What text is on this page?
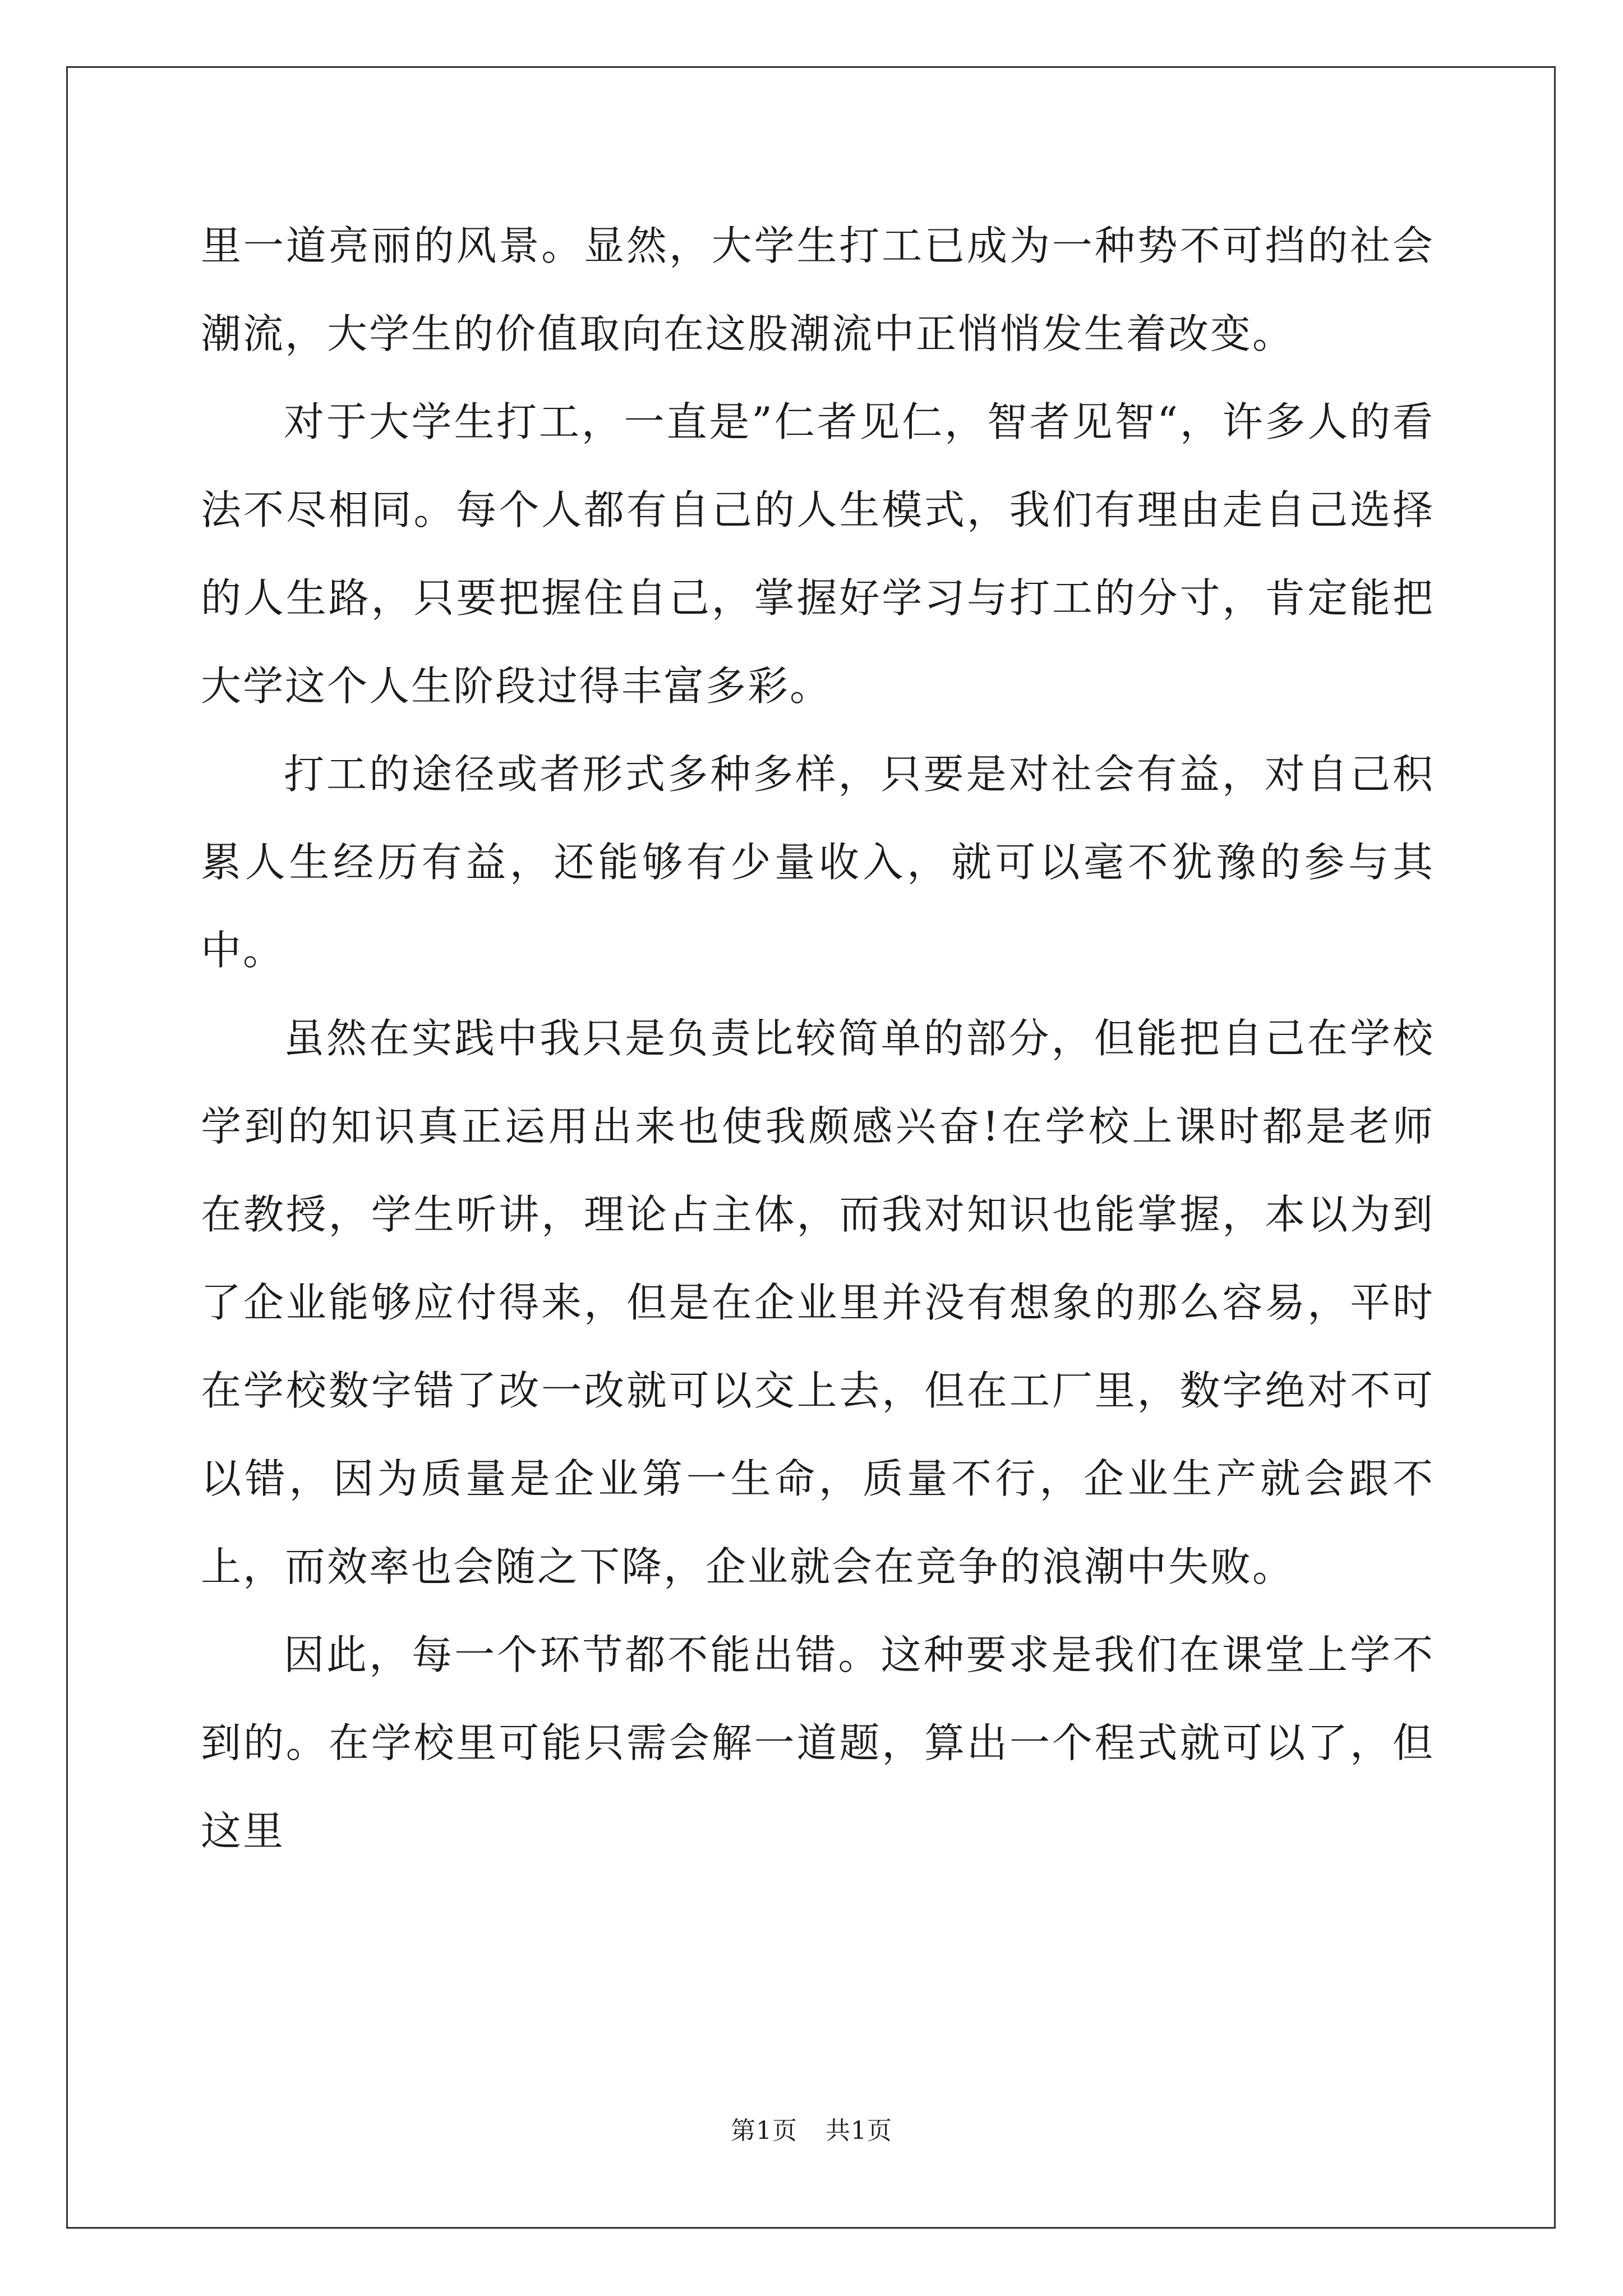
里一道亮丽的风景。显然，大学生打工已成为一种势不可挡的社会潮流，大学生的价值取向在这股潮流中正悄悄发生着改变。

对于大学生打工，一直是”仁者见仁，智者见智“，许多人的看法不尽相同。每个人都有自己的人生模式，我们有理由走自己选择的人生路，只要把握住自己，掌握好学习与打工的分寸，肯定能把大学这个人生阶段过得丰富多彩。

打工的途径或者形式多种多样，只要是对社会有益，对自己积累人生经历有益，还能够有少量收入，就可以毫不犹豫的参与其中。

虽然在实践中我只是负责比较简单的部分，但能把自己在学校学到的知识真正运用出来也使我颇感兴奋!在学校上课时都是老师在教授，学生听讲，理论占主体，而我对知识也能掌握，本以为到了企业能够应付得来，但是在企业里并没有想象的那么容易，平时在学校数字错了改一改就可以交上去，但在工厂里，数字绝对不可以错，因为质量是企业第一生命，质量不行，企业生产就会跟不上，而效率也会随之下降，企业就会在竞争的浪潮中失败。

因此，每一个环节都不能出错。这种要求是我们在课堂上学不到的。在学校里可能只需会解一道题，算出一个程式就可以了，但这里

第1页 共1页
